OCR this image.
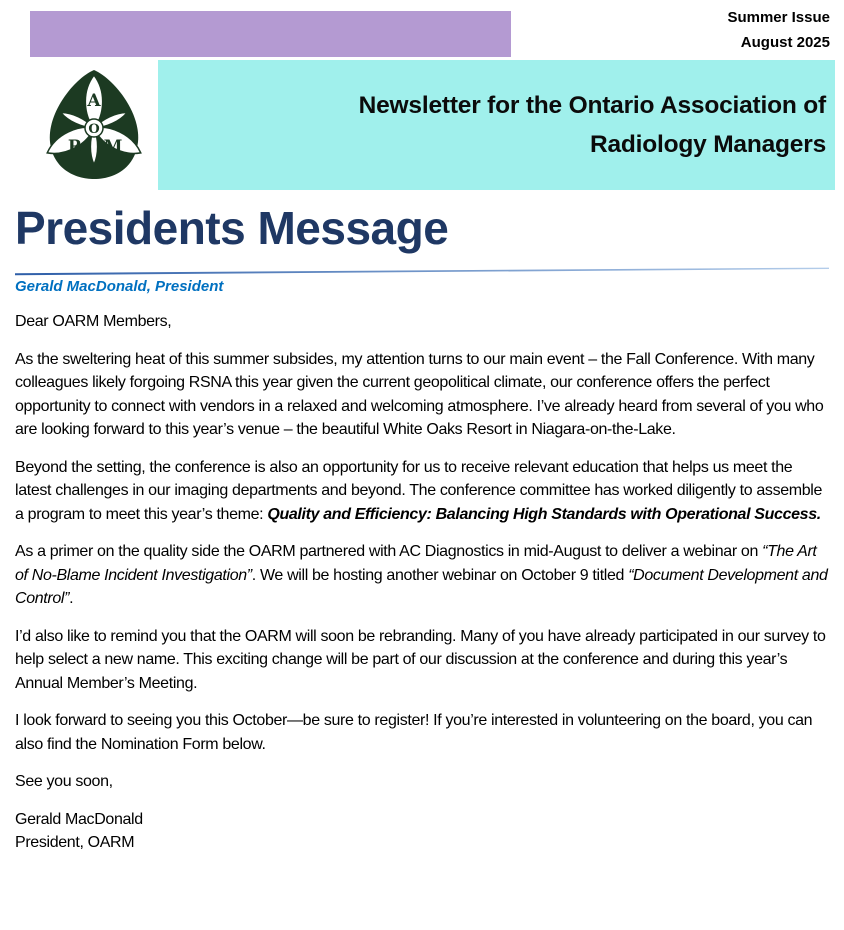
Summer Issue
August 2025
Newsletter for the Ontario Association of
Radiology Managers
O
A
R M
Presidents Message
Gerald MacDonald, President

Dear OARM Members,

As the sweltering heat of this summer subsides, my attention turns to our main event – the Fall Conference. With many colleagues likely forgoing RSNA this year given the current geopolitical climate, our conference offers the perfect opportunity to connect with vendors in a relaxed and welcoming atmosphere. I’ve already heard from several of you who are looking forward to this year’s venue – the beautiful White Oaks Resort in Niagara-on-the-Lake.

Beyond the setting, the conference is also an opportunity for us to receive relevant education that helps us meet the latest challenges in our imaging departments and beyond. The conference committee has worked diligently to assemble a program to meet this year’s theme: Quality and Efficiency: Balancing High Standards with Operational Success.

As a primer on the quality side the OARM partnered with AC Diagnostics in mid-August to deliver a webinar on “The Art of No-Blame Incident Investigation”. We will be hosting another webinar on October 9 titled “Document Development and Control”.

I’d also like to remind you that the OARM will soon be rebranding. Many of you have already participated in our survey to help select a new name. This exciting change will be part of our discussion at the conference and during this year’s Annual Member’s Meeting.

I look forward to seeing you this October—be sure to register! If you’re interested in volunteering on the board, you can also find the Nomination Form below.

See you soon,

Gerald MacDonald
President, OARM
